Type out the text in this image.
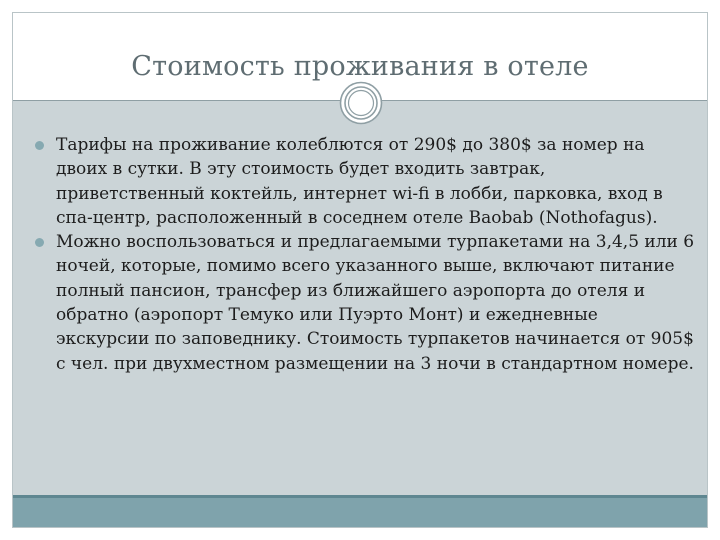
Стоимость проживания в отеле
Тарифы на проживание колеблются от 290$ до 380$ за номер на двоих в сутки. В эту стоимость будет входить завтрак, приветственный коктейль, интернет wi-fi в лобби, парковка, вход в спа-центр, расположенный в соседнем отеле Baobab (Nothofagus).
Можно воспользоваться и предлагаемыми турпакетами на 3,4,5 или 6 ночей, которые, помимо всего указанного выше, включают питание полный пансион, трансфер из ближайшего аэропорта до отеля и обратно (аэропорт Темуко или Пуэрто Монт) и ежедневные экскурсии по заповеднику. Стоимость турпакетов начинается от 905$ с чел. при двухместном размещении на 3 ночи в стандартном номере.
